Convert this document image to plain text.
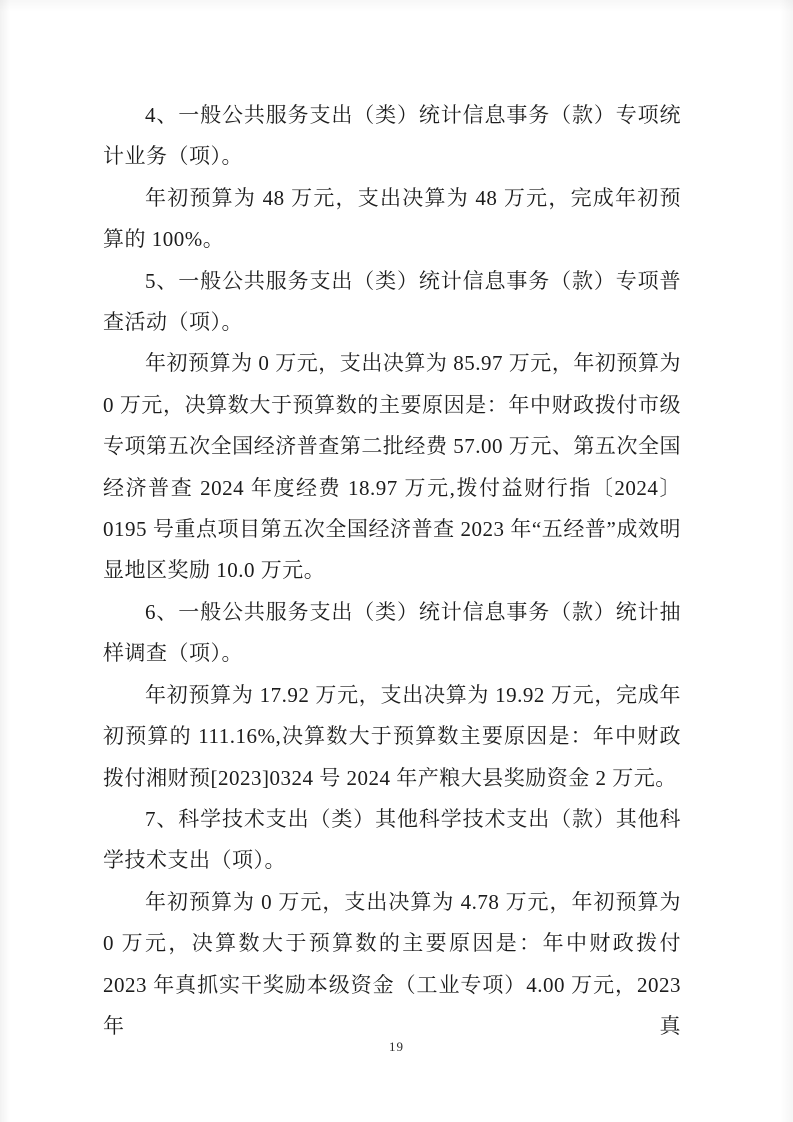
4、一般公共服务支出（类）统计信息事务（款）专项统计业务（项）。

年初预算为 48 万元，支出决算为 48 万元，完成年初预算的 100%。

5、一般公共服务支出（类）统计信息事务（款）专项普查活动（项）。

年初预算为 0 万元，支出决算为 85.97 万元，年初预算为 0 万元，决算数大于预算数的主要原因是：年中财政拨付市级专项第五次全国经济普查第二批经费 57.00 万元、第五次全国经济普查 2024 年度经费 18.97 万元,拨付益财行指〔2024〕0195 号重点项目第五次全国经济普查 2023 年“五经普”成效明显地区奖励 10.0 万元。

6、一般公共服务支出（类）统计信息事务（款）统计抽样调查（项）。

年初预算为 17.92 万元，支出决算为 19.92 万元，完成年初预算的 111.16%,决算数大于预算数主要原因是：年中财政拨付湘财预[2023]0324 号 2024 年产粮大县奖励资金 2 万元。

7、科学技术支出（类）其他科学技术支出（款）其他科学技术支出（项）。

年初预算为 0 万元，支出决算为 4.78 万元，年初预算为 0 万元，决算数大于预算数的主要原因是：年中财政拨付 2023 年真抓实干奖励本级资金（工业专项）4.00 万元，2023 年真

19
